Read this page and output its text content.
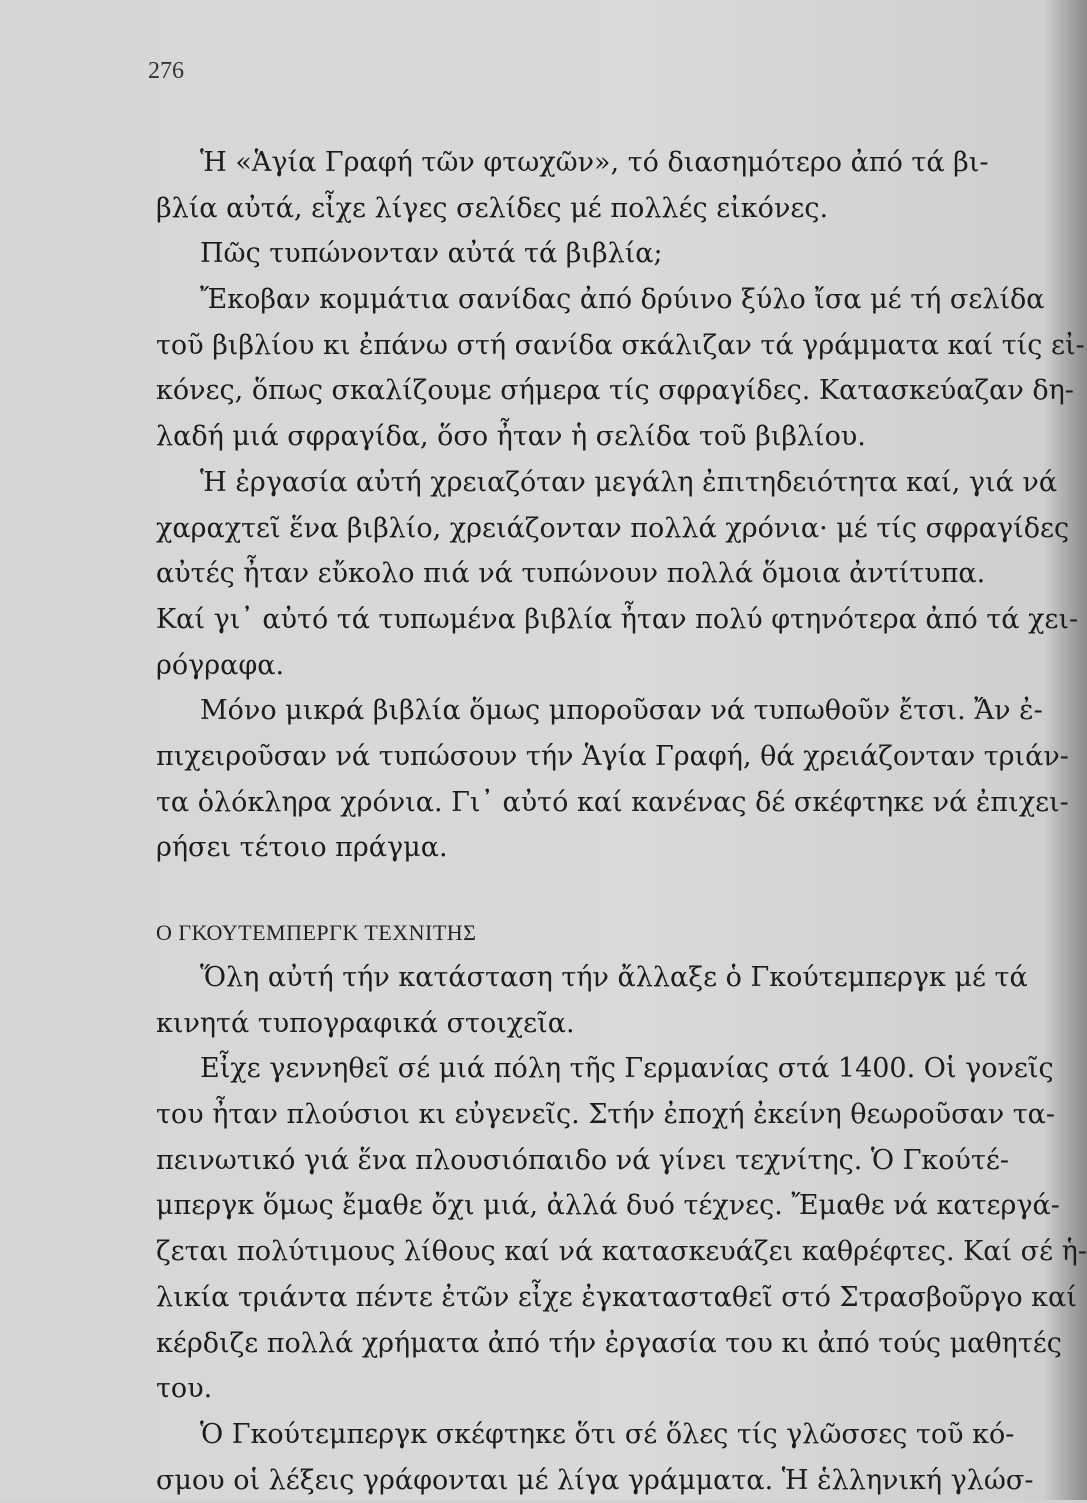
276
Ἡ «Ἁγία Γραφή τῶν φτωχῶν», τό διασημότερο ἀπό τά βι-
βλία αὐτά, εἶχε λίγες σελίδες μέ πολλές εἰκόνες.
Πῶς τυπώνονταν αὐτά τά βιβλία;
Ἔκοβαν κομμάτια σανίδας ἀπό δρύινο ξύλο ἴσα μέ τή σελίδα
τοῦ βιβλίου κι ἐπάνω στή σανίδα σκάλιζαν τά γράμματα καί τίς εἰ-
κόνες, ὅπως σκαλίζουμε σήμερα τίς σφραγίδες. Κατασκεύαζαν δη-
λαδή μιά σφραγίδα, ὅσο ἦταν ἡ σελίδα τοῦ βιβλίου.
Ἡ ἐργασία αὐτή χρειαζόταν μεγάλη ἐπιτηδειότητα καί, γιά νά
χαραχτεῖ ἕνα βιβλίο, χρειάζονταν πολλά χρόνια· μέ τίς σφραγίδες
αὐτές ἦταν εὔκολο πιά νά τυπώνουν πολλά ὅμοια ἀντίτυπα.
Καί γι᾽ αὐτό τά τυπωμένα βιβλία ἦταν πολύ φτηνότερα ἀπό τά χει-
ρόγραφα.
Μόνο μικρά βιβλία ὅμως μποροῦσαν νά τυπωθοῦν ἔτσι. Ἄν ἐ-
πιχειροῦσαν νά τυπώσουν τήν Ἁγία Γραφή, θά χρειάζονταν τριάν-
τα ὁλόκληρα χρόνια. Γι᾽ αὐτό καί κανένας δέ σκέφτηκε νά ἐπιχει-
ρήσει τέτοιο πράγμα.
Ο ΓΚΟΥΤΕΜΠΕΡΓΚ ΤΕΧΝΙΤΗΣ
Ὅλη αὐτή τήν κατάσταση τήν ἄλλαξε ὁ Γκούτεμπεργκ μέ τά
κινητά τυπογραφικά στοιχεῖα.
Εἶχε γεννηθεῖ σέ μιά πόλη τῆς Γερμανίας στά 1400. Οἱ γονεῖς
του ἦταν πλούσιοι κι εὐγενεῖς. Στήν ἐποχή ἐκείνη θεωροῦσαν τα-
πεινωτικό γιά ἕνα πλουσιόπαιδο νά γίνει τεχνίτης. Ὁ Γκούτέ-
μπεργκ ὅμως ἔμαθε ὄχι μιά, ἀλλά δυό τέχνες. Ἔμαθε νά κατεργά-
ζεται πολύτιμους λίθους καί νά κατασκευάζει καθρέφτες. Καί σέ ἡ-
λικία τριάντα πέντε ἐτῶν εἶχε ἐγκατασταθεῖ στό Στρασβοῦργο καί
κέρδιζε πολλά χρήματα ἀπό τήν ἐργασία του κι ἀπό τούς μαθητές
του.
Ὁ Γκούτεμπεργκ σκέφτηκε ὅτι σέ ὅλες τίς γλῶσσες τοῦ κό-
σμου οἱ λέξεις γράφονται μέ λίγα γράμματα. Ἡ ἑλληνική γλώσ-
